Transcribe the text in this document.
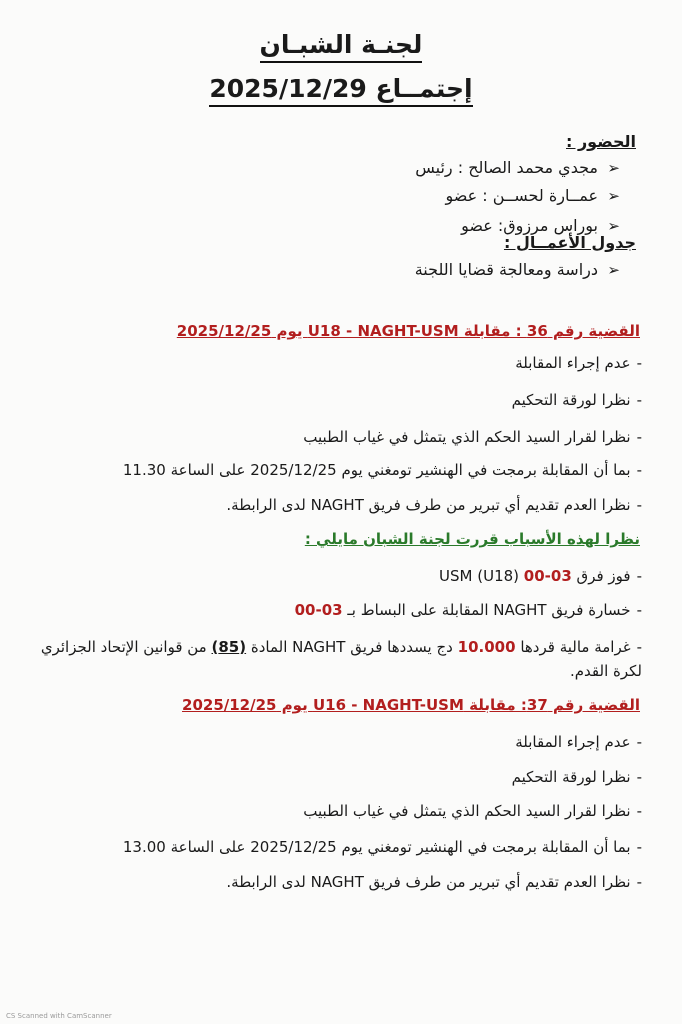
لجنـة الشبـان
إجتمــاع 2025/12/29
الحضور :
➢
مجدي محمد الصالح : رئيس
➢
عمــارة لحســن : عضو
➢
بوراس مرزوق: عضو
جدول الأعمــال :
➢
دراسة ومعالجة قضايا اللجنة
القضية رقم 36 : مقابلة U18 - NAGHT-USM يوم 2025/12/25
-عدم إجراء المقابلة
-نظرا لورقة التحكيم
-نظرا لقرار السيد الحكم الذي يتمثل في غياب الطبيب
-بما أن المقابلة برمجت في الهنشير تومغني يوم 2025/12/25 على الساعة 11.30
-نظرا العدم تقديم أي تبرير من طرف فريق NAGHT لدى الرابطة.
نظرا لهذه الأسباب قررت لجنة الشبان مايلي :
-فوز فرق USM (U18) 00-03
-خسارة فريق NAGHT المقابلة على البساط بـ 03-00
-غرامة مالية قردها 10.000 دج يسددها فريق NAGHT المادة (85) من قوانين الإتحاد الجزائري
لكرة القدم.
القضية رقم 37: مقابلة U16 - NAGHT-USM يوم 2025/12/25
-عدم إجراء المقابلة
-نظرا لورقة التحكيم
-نظرا لقرار السيد الحكم الذي يتمثل في غياب الطبيب
-بما أن المقابلة برمجت في الهنشير تومغني يوم 2025/12/25 على الساعة 13.00
-نظرا العدم تقديم أي تبرير من طرف فريق NAGHT لدى الرابطة.
CS Scanned with CamScanner
